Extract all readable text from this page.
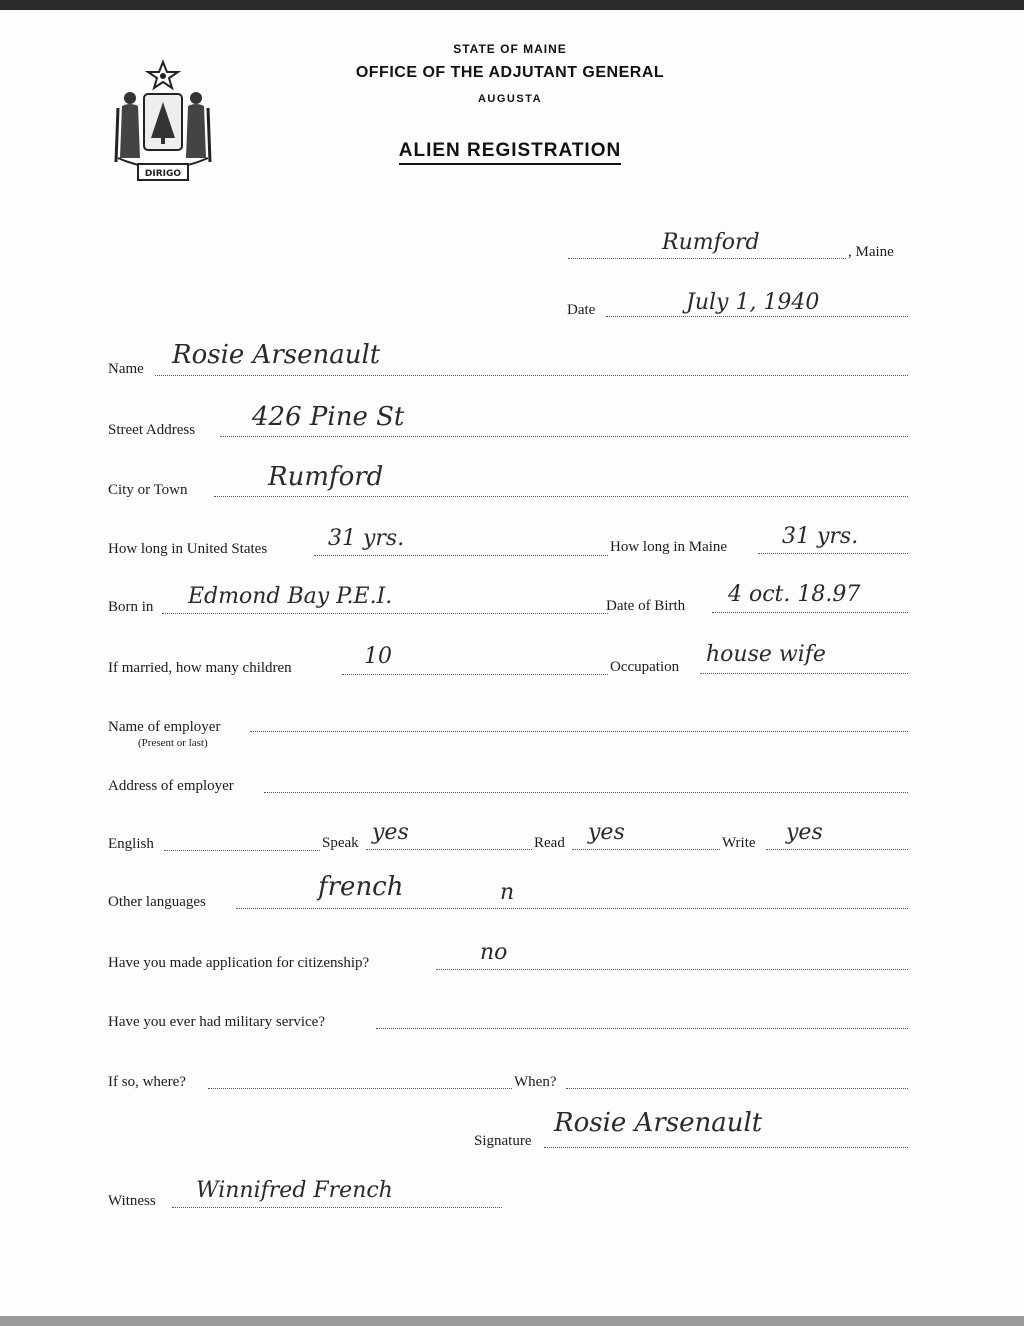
DIRIGO
STATE OF MAINE
OFFICE OF THE ADJUTANT GENERAL
AUGUSTA
ALIEN REGISTRATION
Rumford	, Maine
Date	July 1, 1940
Name Rosie Arsenault
Street Address 426 Pine St
City or Town	Rumford
How long in United States	31 yrs.	How long in Maine 31 yrs.
Born in Edmond Bay P.E.I.	Date of Birth 4 oct. 18.97
If married, how many children	10	Occupation house wife
Name of employer
(Present or last)
Address of employer
English	Speak yes	Read yes	Write yes
Other languages	french	n
Have you made application for citizenship?	no
Have you ever had military service?
If so, where?	When?
Signature
Rosie Arsenault
Witness Winnifred French
